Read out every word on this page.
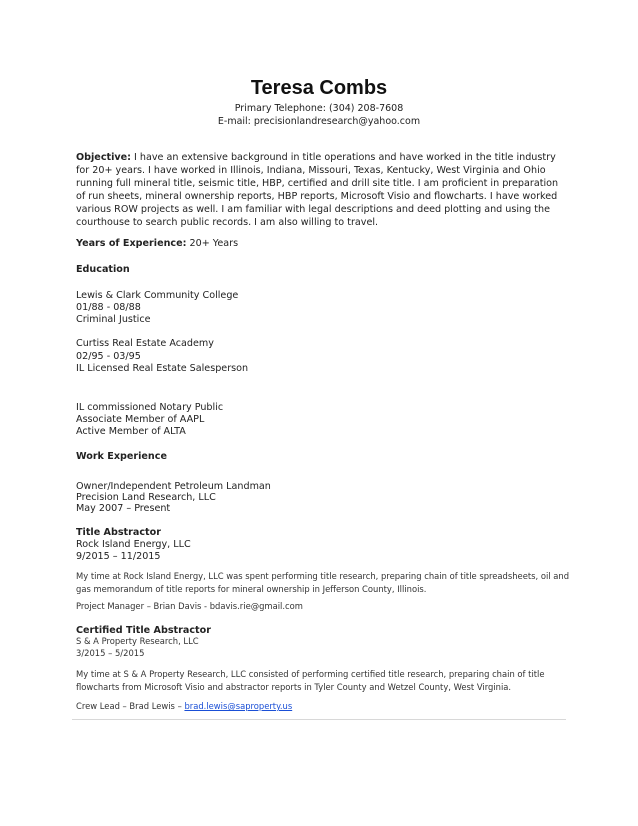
Teresa Combs
Primary Telephone: (304) 208-7608
E-mail: precisionlandresearch@yahoo.com
Objective: I have an extensive background in title operations and have worked in the title industry for 20+ years. I have worked in Illinois, Indiana, Missouri, Texas, Kentucky, West Virginia and Ohio running full mineral title, seismic title, HBP, certified and drill site title. I am proficient in preparation of run sheets, mineral ownership reports, HBP reports, Microsoft Visio and flowcharts. I have worked various ROW projects as well. I am familiar with legal descriptions and deed plotting and using the courthouse to search public records. I am also willing to travel.
Years of Experience: 20+ Years
Education
Lewis & Clark Community College
01/88 - 08/88
Criminal Justice
Curtiss Real Estate Academy
02/95 - 03/95
IL Licensed Real Estate Salesperson
IL commissioned Notary Public
Associate Member of AAPL
Active Member of ALTA
Work Experience
Owner/Independent Petroleum Landman
Precision Land Research, LLC
May 2007 – Present
Title Abstractor
Rock Island Energy, LLC
9/2015 – 11/2015
My time at Rock Island Energy, LLC was spent performing title research, preparing chain of title spreadsheets, oil and gas memorandum of title reports for mineral ownership in Jefferson County, Illinois.
Project Manager – Brian Davis - bdavis.rie@gmail.com
Certified Title Abstractor
S & A Property Research, LLC
3/2015 – 5/2015
My time at S & A Property Research, LLC consisted of performing certified title research, preparing chain of title flowcharts from Microsoft Visio and abstractor reports in Tyler County and Wetzel County, West Virginia.
Crew Lead – Brad Lewis – brad.lewis@saproperty.us
